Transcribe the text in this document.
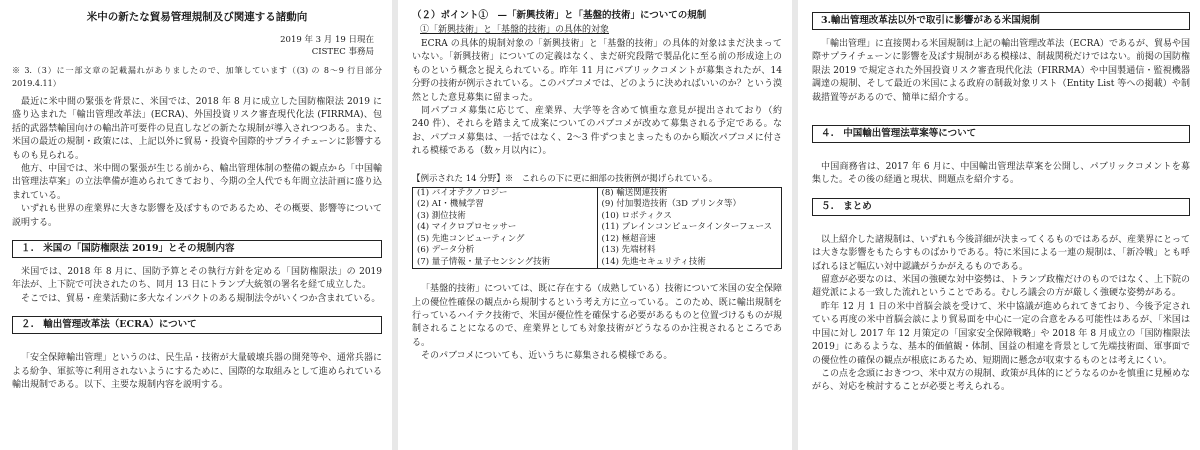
米中の新たな貿易管理規制及び関連する諸動向
2019 年 3 月 19 日現在
CISTEC 事務局

※ 3.（3）に一部文章の記載漏れがありましたので、加筆しています（(3) の 8～9 行目部分 2019.4.11）

最近に米中間の緊張を背景に、米国では、2018 年 8 月に成立した国防権限法 2019 に盛り込まれた「輸出管理改革法」(ECRA)、外国投資リスク審査現代化法 (FIRRMA)、包括的武器禁輸国向けの輸出許可要件の見直しなどの新たな規制が導入されつつある。また、米国の最近の規制・政策には、上記以外に貿易・投資や国際的サプライチェーンに影響するものも見られる。

他方、中国では、米中間の緊張が生じる前から、輸出管理体制の整備の観点から「中国輸出管理法草案」の立法準備が進められてきており、今期の全人代でも年間立法計画に盛り込まれている。

いずれも世界の産業界に大きな影響を及ぼすものであるため、その概要、影響等について説明する。

１.　米国の「国防権限法 2019」とその規制内容

米国では、2018 年 8 月に、国防予算とその執行方針を定める「国防権限法」の 2019 年法が、上下院で可決されたのち、同月 13 日にトランプ大統領の署名を経て成立した。

そこでは、貿易・産業活動に多大なインパクトのある規制法令がいくつか含まれている。

２.　輸出管理改革法（ECRA）について

「安全保障輸出管理」というのは、民生品・技術が大量破壊兵器の開発等や、通常兵器による紛争、軍拡等に利用されないようにするために、国際的な取組みとして進められている輸出規制である。以下、主要な規制内容を説明する。

（２）ポイント①　—「新興技術」と「基盤的技術」についての規制
①「新興技術」と「基盤的技術」の具体的対象

ECRA の具体的規制対象の「新興技術」と「基盤的技術」の具体的対象はまだ決まっていない。「新興技術」についての定義はなく、まだ研究段階で製品化に至る前の形成途上のものという概念と捉えられている。昨年 11 月にパブリックコメントが募集されたが、14 分野の技術が例示されている。このパブコメでは、どのように決めればいいのか？という漠然とした意見募集に留まった。

同パブコメ募集に応じて、産業界、大学等を含めて慎重な意見が提出されており（約 240 件）、それらを踏まえて成案についてのパブコメが改めて募集される予定である。なお、パブコメ募集は、一括ではなく、2～3 件ずつまとまったものから順次パブコメに付される模様である（数ヶ月以内に）。

【例示された 14 分野】※　これらの下に更に細部の技術例が掲げられている。

(1) バイオテクノロジー	(8) 輸送関連技術
(2) AI・機械学習	(9) 付加製造技術（3D プリンタ等）
(3) 測位技術	(10) ロボティクス
(4) マイクロプロセッサー	(11) ブレインコンピュータインターフェース
(5) 先進コンピューティング	(12) 極超音速
(6) データ分析	(13) 先端材料
(7) 量子情報・量子センシング技術	(14) 先進セキュリティ技術

「基盤的技術」については、既に存在する（成熟している）技術について米国の安全保障上の優位性確保の観点から規制するという考え方に立っている。このため、既に輸出規制を行っているハイテク技術で、米国が優位性を確保する必要があるものと位置づけるものが規制されることになるので、産業界としても対象技術がどうなるのか注視されるところである。

そのパブコメについても、近いうちに募集される模様である。

3.輸出管理改革法以外で取引に影響がある米国規制

「輸出管理」に直接関わる米国規制は上記の輸出管理改革法（ECRA）であるが、貿易や国際サプライチェーンに影響を及ぼす規制がある模様は、制裁関税だけではない。前掲の国防権限法 2019 で規定された外国投資リスク審査現代化法（FIRRMA）や中国製通信・監視機器調達の規制、そして最近の米国による政府の制裁対象リスト（Entity List 等への掲載）や制裁措置等があるので、簡単に紹介する。

４.　中国輸出管理法草案等について

中国商務省は、2017 年 6 月に、中国輸出管理法草案を公開し、パブリックコメントを募集した。その後の経過と現状、問題点を紹介する。

５.　まとめ

以上紹介した諸規制は、いずれも今後詳細が決まってくるものではあるが、産業界にとっては大きな影響をもたらすものばかりである。特に米国による一連の規制は、「新冷戦」とも呼ばれるほど幅広い対中認識がうかがえるものである。

留意が必要なのは、米国の強硬な対中姿勢は、トランプ政権だけのものではなく、上下院の超党派による一致した流れということである。むしろ議会の方が厳しく強硬な姿勢がある。

昨年 12 月 1 日の米中首脳会談を受けて、米中協議が進められてきており、今後予定されている再度の米中首脳会談により貿易面を中心に一定の合意をみる可能性はあるが、「米国は中国に対し 2017 年 12 月策定の「国家安全保障戦略」や 2018 年 8 月成立の「国防権限法 2019」にあるような、基本的価値観・体制、国益の相違を背景として先端技術面、軍事面での優位性の確保の観点が根底にあるため、短期間に懸念が収束するものとは考えにくい。

この点を念頭におきつつ、米中双方の規制、政策が具体的にどうなるのかを慎重に見極めながら、対応を検討することが必要と考えられる。
